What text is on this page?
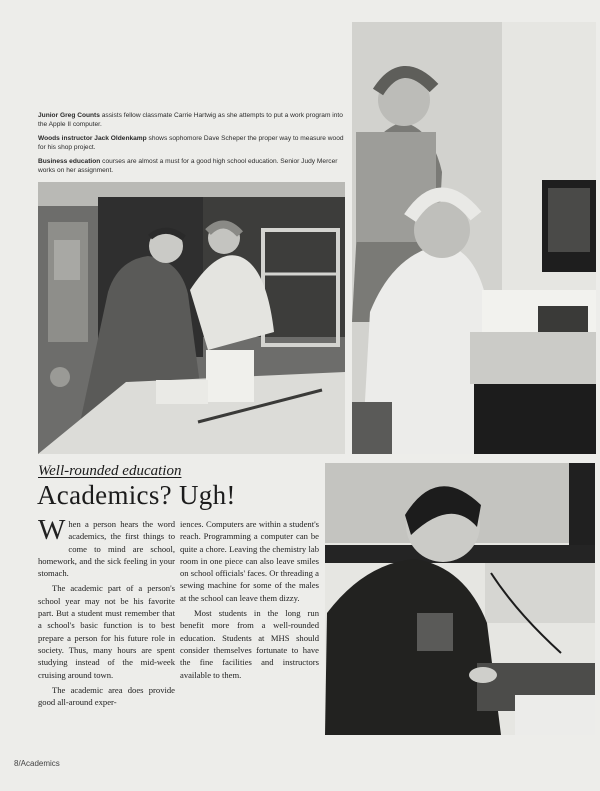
Junior Greg Counts assists fellow classmate Carrie Hartwig as she attempts to put a work program into the Apple II computer.

Woods instructor Jack Oldenkamp shows sophomore Dave Scheper the proper way to measure wood for his shop project.

Business education courses are almost a must for a good high school education. Senior Judy Mercer works on her assignment.

Well-rounded education
Academics? Ugh!

When a person hears the word academics, the first things to come to mind are school, homework, and the sick feeling in your stomach.

The academic part of a person's school year may not be his favorite part. But a student must remember that a school's basic function is to best prepare a person for his future role in society. Thus, many hours are spent studying instead of the mid-week cruising around town.

The academic area does provide good all-around exper-

iences. Computers are within a student's reach. Programming a computer can be quite a chore. Leaving the chemistry lab room in one piece can also leave smiles on school officials' faces. Or threading a sewing machine for some of the males at the school can leave them dizzy.

Most students in the long run benefit more from a well-rounded education. Students at MHS should consider themselves fortunate to have the fine facilities and instructors available to them.

8/Academics
